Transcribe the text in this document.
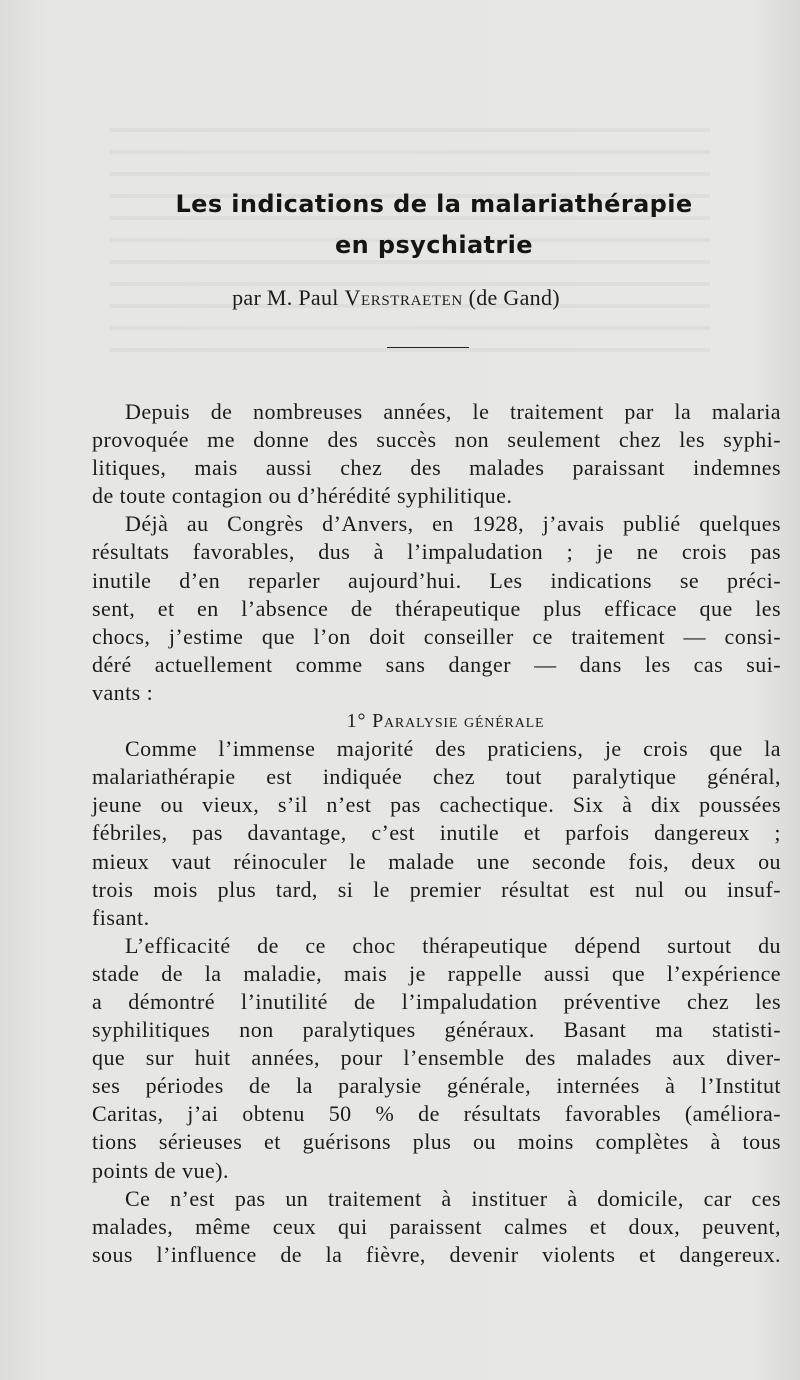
Les indications de la malariathérapie
en psychiatrie
par M. Paul Verstraeten (de Gand)
Depuis de nombreuses années, le traitement par la malaria
provoquée me donne des succès non seulement chez les syphi-
litiques, mais aussi chez des malades paraissant indemnes
de toute contagion ou d’hérédité syphilitique.
Déjà au Congrès d’Anvers, en 1928, j’avais publié quelques
résultats favorables, dus à l’impaludation ; je ne crois pas
inutile d’en reparler aujourd’hui. Les indications se préci-
sent, et en l’absence de thérapeutique plus efficace que les
chocs, j’estime que l’on doit conseiller ce traitement — consi-
déré actuellement comme sans danger — dans les cas sui-
vants :
1° Paralysie générale
Comme l’immense majorité des praticiens, je crois que la
malariathérapie est indiquée chez tout paralytique général,
jeune ou vieux, s’il n’est pas cachectique. Six à dix poussées
fébriles, pas davantage, c’est inutile et parfois dangereux ;
mieux vaut réinoculer le malade une seconde fois, deux ou
trois mois plus tard, si le premier résultat est nul ou insuf-
fisant.
L’efficacité de ce choc thérapeutique dépend surtout du
stade de la maladie, mais je rappelle aussi que l’expérience
a démontré l’inutilité de l’impaludation préventive chez les
syphilitiques non paralytiques généraux. Basant ma statisti-
que sur huit années, pour l’ensemble des malades aux diver-
ses périodes de la paralysie générale, internées à l’Institut
Caritas, j’ai obtenu 50 % de résultats favorables (améliora-
tions sérieuses et guérisons plus ou moins complètes à tous
points de vue).
Ce n’est pas un traitement à instituer à domicile, car ces
malades, même ceux qui paraissent calmes et doux, peuvent,
sous l’influence de la fièvre, devenir violents et dangereux.
